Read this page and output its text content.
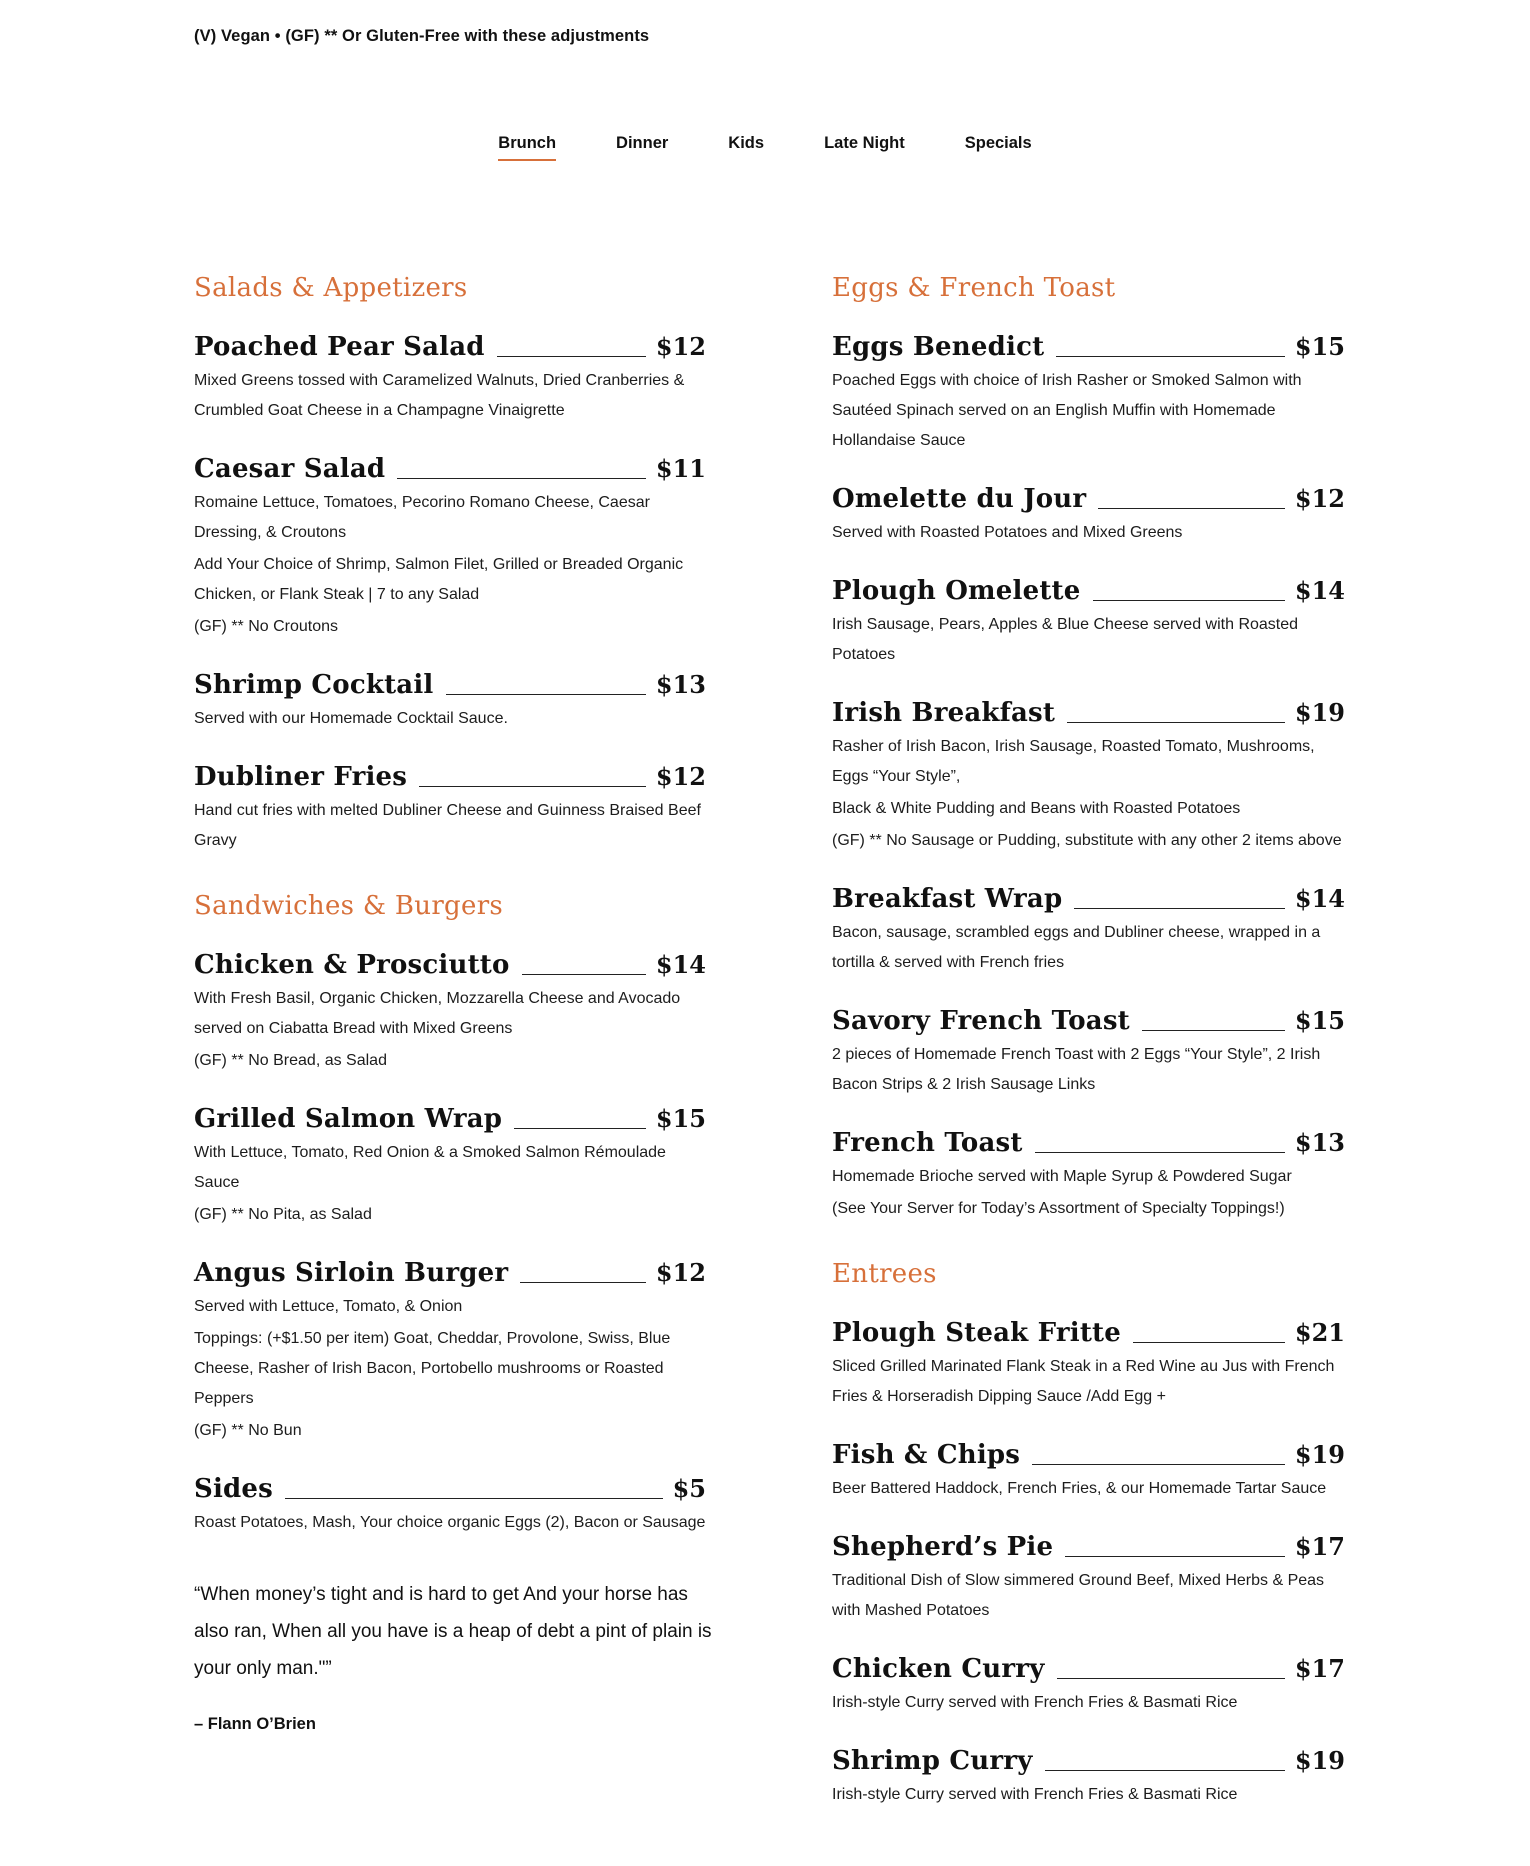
(V) Vegan • (GF) ** Or Gluten-Free with these adjustments
Brunch	Dinner	Kids	Late Night	Specials
Salads & Appetizers
Poached Pear Salad	$12

Mixed Greens tossed with Caramelized Walnuts, Dried Cranberries & Crumbled Goat Cheese in a Champagne Vinaigrette

Caesar Salad	$11

Romaine Lettuce, Tomatoes, Pecorino Romano Cheese, Caesar Dressing, & Croutons

Add Your Choice of Shrimp, Salmon Filet, Grilled or Breaded Organic Chicken, or Flank Steak | 7 to any Salad

(GF) ** No Croutons

Shrimp Cocktail	$13

Served with our Homemade Cocktail Sauce.

Dubliner Fries	$12

Hand cut fries with melted Dubliner Cheese and Guinness Braised Beef Gravy

Sandwiches & Burgers
Chicken & Prosciutto	$14

With Fresh Basil, Organic Chicken, Mozzarella Cheese and Avocado served on Ciabatta Bread with Mixed Greens

(GF) ** No Bread, as Salad

Grilled Salmon Wrap	$15

With Lettuce, Tomato, Red Onion & a Smoked Salmon Rémoulade Sauce

(GF) ** No Pita, as Salad

Angus Sirloin Burger	$12

Served with Lettuce, Tomato, & Onion

Toppings: (+$1.50 per item) Goat, Cheddar, Provolone, Swiss, Blue Cheese, Rasher of Irish Bacon, Portobello mushrooms or Roasted Peppers

(GF) ** No Bun

Sides	$5

Roast Potatoes, Mash, Your choice organic Eggs (2), Bacon or Sausage

“When money’s tight and is hard to get And your horse has also ran, When all you have is a heap of debt a pint of plain is your only man."”

– Flann O’Brien

Eggs & French Toast
Eggs Benedict	$15

Poached Eggs with choice of Irish Rasher or Smoked Salmon with Sautéed Spinach served on an English Muffin with Homemade Hollandaise Sauce

Omelette du Jour	$12

Served with Roasted Potatoes and Mixed Greens

Plough Omelette	$14

Irish Sausage, Pears, Apples & Blue Cheese served with Roasted Potatoes

Irish Breakfast	$19

Rasher of Irish Bacon, Irish Sausage, Roasted Tomato, Mushrooms, Eggs “Your Style”,

Black & White Pudding and Beans with Roasted Potatoes

(GF) ** No Sausage or Pudding, substitute with any other 2 items above

Breakfast Wrap	$14

Bacon, sausage, scrambled eggs and Dubliner cheese, wrapped in a tortilla & served with French fries

Savory French Toast	$15

2 pieces of Homemade French Toast with 2 Eggs “Your Style”, 2 Irish Bacon Strips & 2 Irish Sausage Links

French Toast	$13

Homemade Brioche served with Maple Syrup & Powdered Sugar

(See Your Server for Today’s Assortment of Specialty Toppings!)

Entrees
Plough Steak Fritte	$21

Sliced Grilled Marinated Flank Steak in a Red Wine au Jus with French Fries & Horseradish Dipping Sauce /Add Egg +

Fish & Chips	$19

Beer Battered Haddock, French Fries, & our Homemade Tartar Sauce

Shepherd’s Pie	$17

Traditional Dish of Slow simmered Ground Beef, Mixed Herbs & Peas with Mashed Potatoes

Chicken Curry	$17

Irish-style Curry served with French Fries & Basmati Rice

Shrimp Curry	$19

Irish-style Curry served with French Fries & Basmati Rice
